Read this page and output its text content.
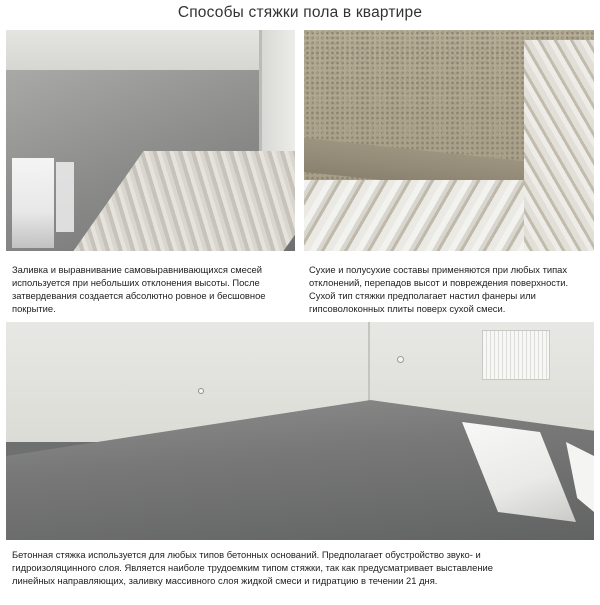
Способы стяжки пола в квартире
Заливка и выравнивание самовыравнивающихся смесей
используется при небольших отклонения высоты. После
затвердевания создается абсолютно ровное и бесшовное
покрытие.
Сухие и полусухие составы применяются при любых типах
отклонений, перепадов высот и повреждения поверхности.
Сухой тип стяжки предполагает настил фанеры или
гипсоволоконных плиты поверх сухой смеси.
Бетонная стяжка используется для любых типов бетонных оснований. Предполагает обустройство звуко- и
гидроизоляцинного слоя. Является наиболе трудоемким типом стяжки, так как предусматривает выставление
линейных направляющих, заливку массивного слоя жидкой смеси и гидратцию в течении 21 дня.
